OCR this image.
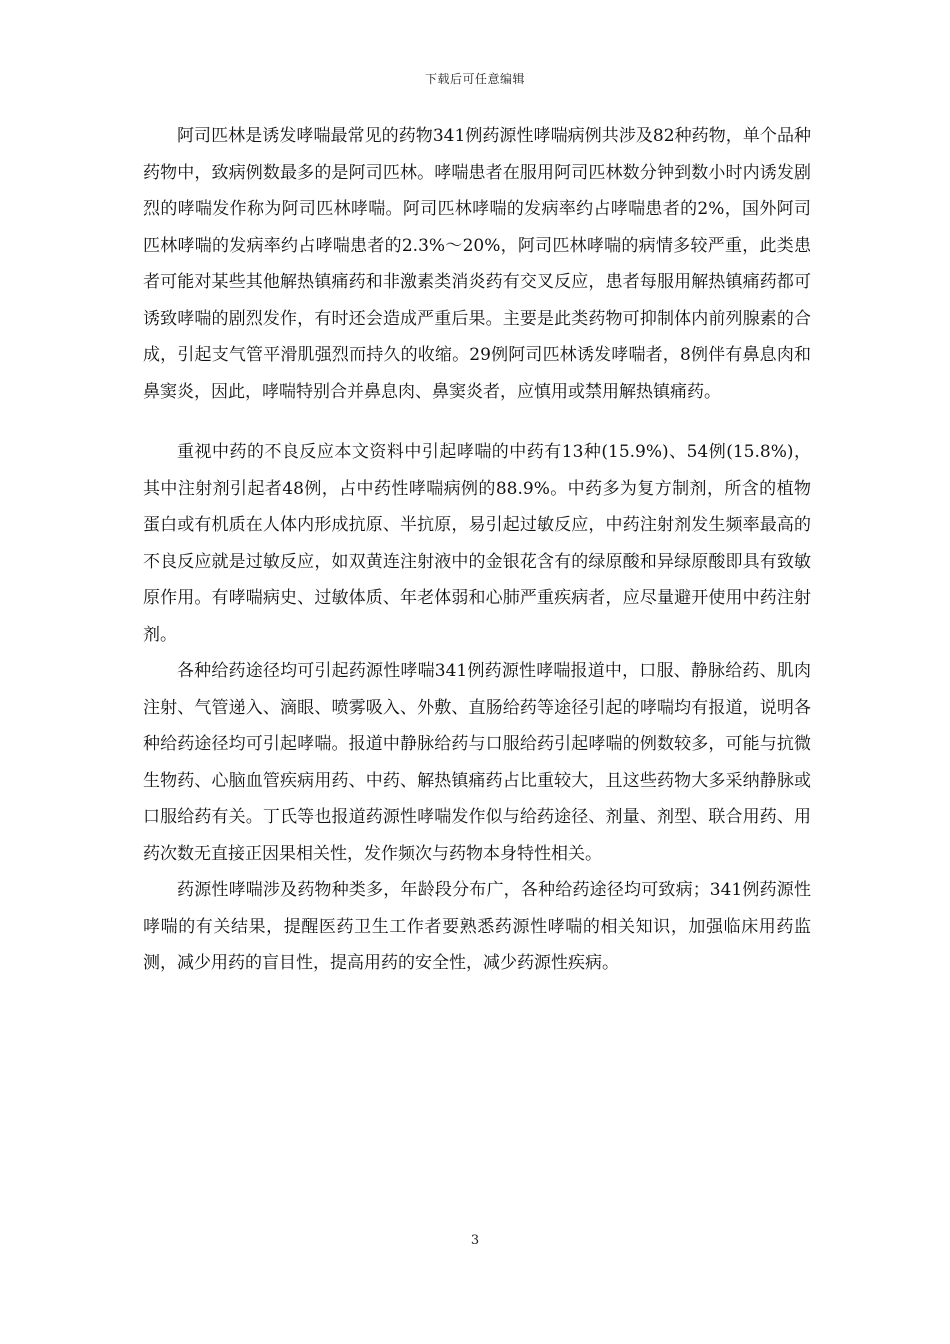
下载后可任意编辑

阿司匹林是诱发哮喘最常见的药物341例药源性哮喘病例共涉及82种药物，单个品种药物中，致病例数最多的是阿司匹林。哮喘患者在服用阿司匹林数分钟到数小时内诱发剧烈的哮喘发作称为阿司匹林哮喘。阿司匹林哮喘的发病率约占哮喘患者的2%，国外阿司匹林哮喘的发病率约占哮喘患者的2.3%～20%，阿司匹林哮喘的病情多较严重，此类患者可能对某些其他解热镇痛药和非激素类消炎药有交叉反应，患者每服用解热镇痛药都可诱致哮喘的剧烈发作，有时还会造成严重后果。主要是此类药物可抑制体内前列腺素的合成，引起支气管平滑肌强烈而持久的收缩。29例阿司匹林诱发哮喘者，8例伴有鼻息肉和鼻窦炎，因此，哮喘特别合并鼻息肉、鼻窦炎者，应慎用或禁用解热镇痛药。

重视中药的不良反应本文资料中引起哮喘的中药有13种(15.9%)、54例(15.8%)，其中注射剂引起者48例，占中药性哮喘病例的88.9%。中药多为复方制剂，所含的植物蛋白或有机质在人体内形成抗原、半抗原，易引起过敏反应，中药注射剂发生频率最高的不良反应就是过敏反应，如双黄连注射液中的金银花含有的绿原酸和异绿原酸即具有致敏原作用。有哮喘病史、过敏体质、年老体弱和心肺严重疾病者，应尽量避开使用中药注射剂。

各种给药途径均可引起药源性哮喘341例药源性哮喘报道中，口服、静脉给药、肌肉注射、气管递入、滴眼、喷雾吸入、外敷、直肠给药等途径引起的哮喘均有报道，说明各种给药途径均可引起哮喘。报道中静脉给药与口服给药引起哮喘的例数较多，可能与抗微生物药、心脑血管疾病用药、中药、解热镇痛药占比重较大，且这些药物大多采纳静脉或口服给药有关。丁氏等也报道药源性哮喘发作似与给药途径、剂量、剂型、联合用药、用药次数无直接正因果相关性，发作频次与药物本身特性相关。

药源性哮喘涉及药物种类多，年龄段分布广，各种给药途径均可致病；341例药源性哮喘的有关结果，提醒医药卫生工作者要熟悉药源性哮喘的相关知识，加强临床用药监测，减少用药的盲目性，提高用药的安全性，减少药源性疾病。

3
